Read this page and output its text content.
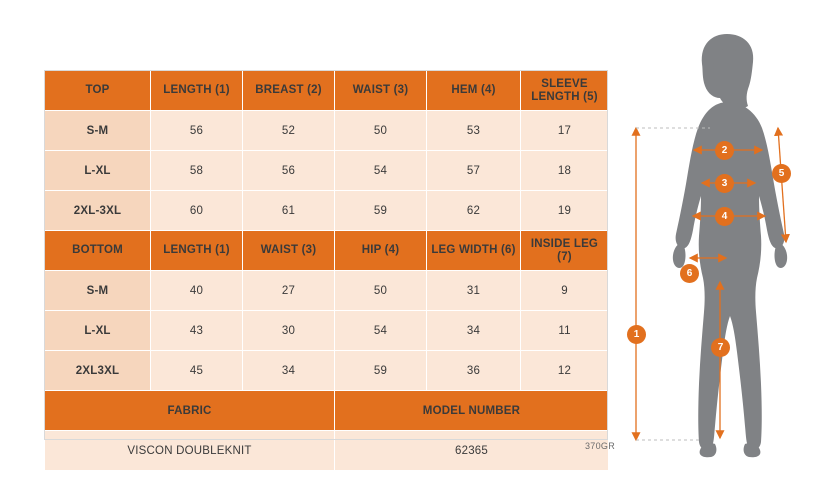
TOP	LENGTH (1)	BREAST (2)	WAIST (3)	HEM (4)	SLEEVE LENGTH (5)
S-M	56	52	50	53	17
L-XL	58	56	54	57	18
2XL-3XL	60	61	59	62	19
BOTTOM	LENGTH (1)	WAIST (3)	HIP (4)	LEG WIDTH (6)	INSIDE LEG (7)
S-M	40	27	50	31	9
L-XL	43	30	54	34	11
2XL3XL	45	34	59	36	12
FABRIC			MODEL NUMBER		
VISCON DOUBLEKNIT			62365			370GR
1
2
3
4
5
6
7
